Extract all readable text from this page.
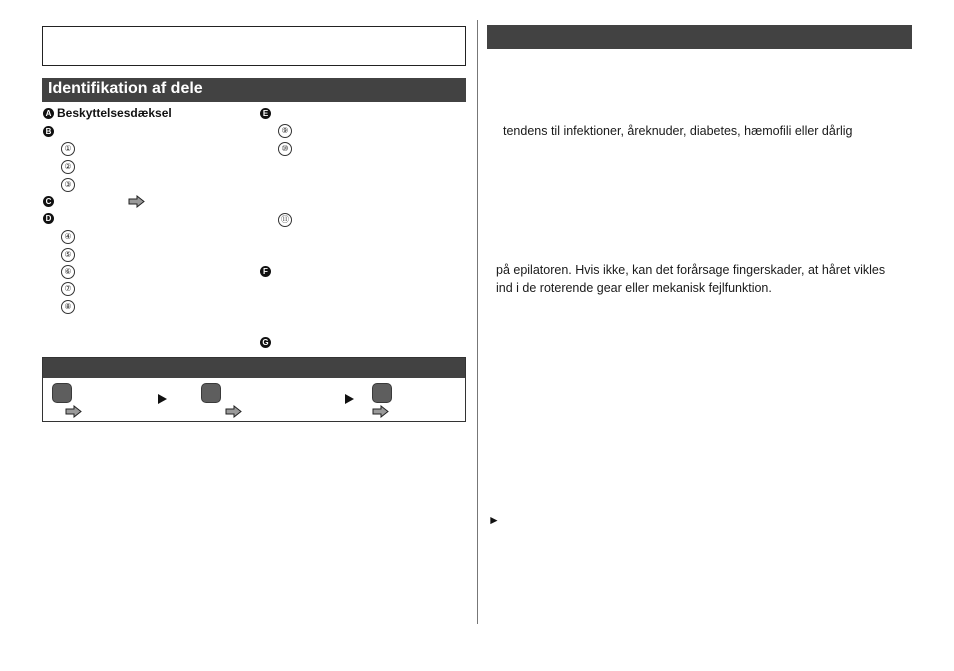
Identifikation af dele
A Beskyttelsesdæksel
B
①
②
③
C
D
④
⑤
⑥
⑦
⑧
E
⑨
⑩
⑪
F
G
tendens til infektioner, åreknuder, diabetes, hæmofili eller dårlig
på epilatoren. Hvis ikke, kan det forårsage fingerskader, at håret vikles
ind i de roterende gear eller mekanisk fejlfunktion.
►
